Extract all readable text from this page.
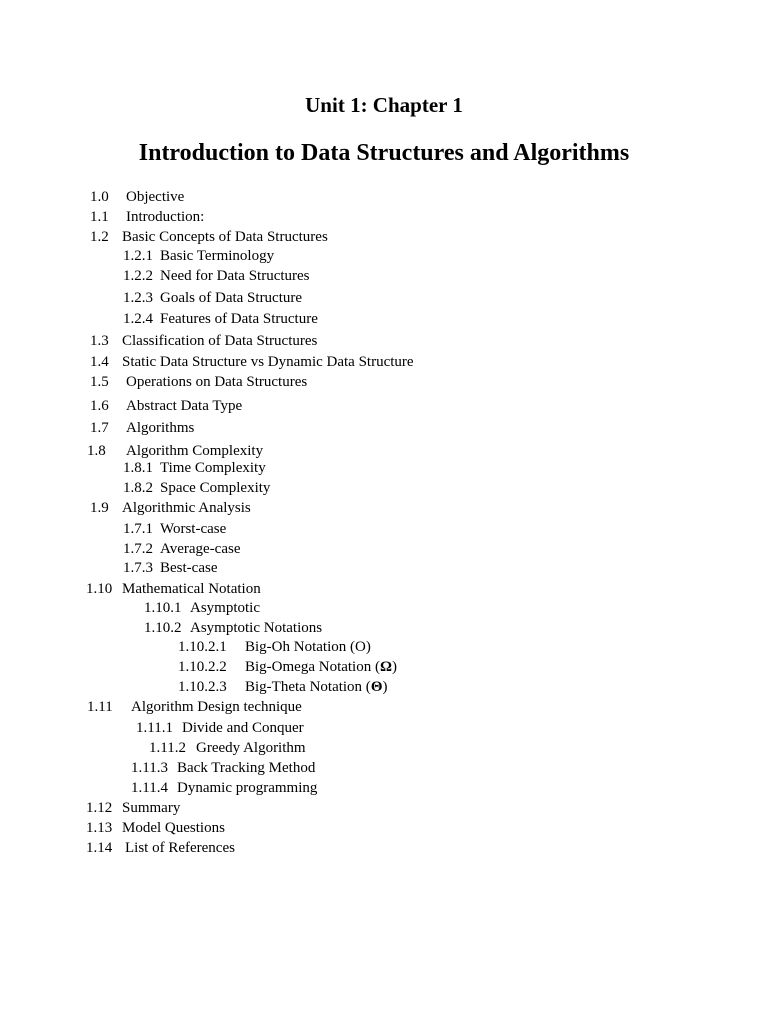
Unit 1: Chapter 1
Introduction to Data Structures and Algorithms
1.0 Objective
1.1 Introduction:
1.2 Basic Concepts of Data Structures
1.2.1 Basic Terminology
1.2.2 Need for Data Structures
1.2.3 Goals of Data Structure
1.2.4 Features of Data Structure
1.3 Classification of Data Structures
1.4 Static Data Structure vs Dynamic Data Structure
1.5 Operations on Data Structures
1.6 Abstract Data Type
1.7 Algorithms
1.8 Algorithm Complexity
1.8.1 Time Complexity
1.8.2 Space Complexity
1.9 Algorithmic Analysis
1.7.1 Worst-case
1.7.2 Average-case
1.7.3 Best-case
1.10 Mathematical Notation
1.10.1 Asymptotic
1.10.2 Asymptotic Notations
1.10.2.1 Big-Oh Notation (O)
1.10.2.2 Big-Omega Notation (Ω)
1.10.2.3 Big-Theta Notation (Θ)
1.11 Algorithm Design technique
1.11.1 Divide and Conquer
1.11.2 Greedy Algorithm
1.11.3 Back Tracking Method
1.11.4 Dynamic programming
1.12 Summary
1.13 Model Questions
1.14 List of References
